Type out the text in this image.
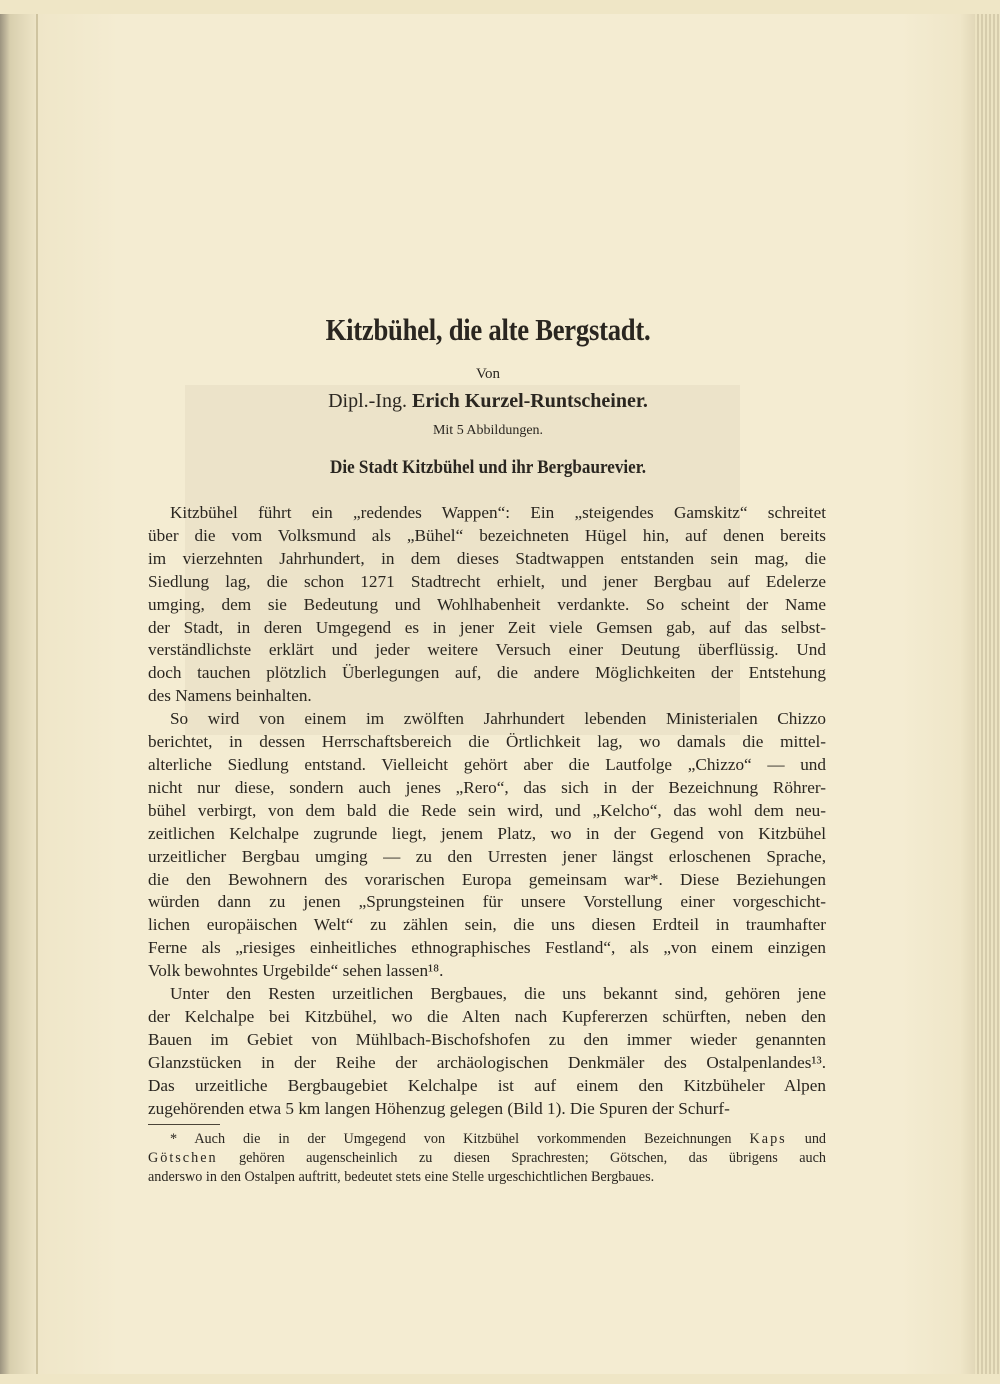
Kitzbühel, die alte Bergstadt.
Von
Dipl.-Ing. Erich Kurzel-Runtscheiner.
Mit 5 Abbildungen.
Die Stadt Kitzbühel und ihr Bergbaurevier.
Kitzbühel führt ein „redendes Wappen“: Ein „steigendes Gamskitz“ schreitet
über die vom Volksmund als „Bühel“ bezeichneten Hügel hin, auf denen bereits
im vierzehnten Jahrhundert, in dem dieses Stadtwappen entstanden sein mag, die
Siedlung lag, die schon 1271 Stadtrecht erhielt, und jener Bergbau auf Edelerze
umging, dem sie Bedeutung und Wohlhabenheit verdankte. So scheint der Name
der Stadt, in deren Umgegend es in jener Zeit viele Gemsen gab, auf das selbst-
verständlichste erklärt und jeder weitere Versuch einer Deutung überflüssig. Und
doch tauchen plötzlich Überlegungen auf, die andere Möglichkeiten der Entstehung
des Namens beinhalten.
So wird von einem im zwölften Jahrhundert lebenden Ministerialen Chizzo
berichtet, in dessen Herrschaftsbereich die Örtlichkeit lag, wo damals die mittel-
alterliche Siedlung entstand. Vielleicht gehört aber die Lautfolge „Chizzo“ — und
nicht nur diese, sondern auch jenes „Rero“, das sich in der Bezeichnung Röhrer-
bühel verbirgt, von dem bald die Rede sein wird, und „Kelcho“, das wohl dem neu-
zeitlichen Kelchalpe zugrunde liegt, jenem Platz, wo in der Gegend von Kitzbühel
urzeitlicher Bergbau umging — zu den Urresten jener längst erloschenen Sprache,
die den Bewohnern des vorarischen Europa gemeinsam war*. Diese Beziehungen
würden dann zu jenen „Sprungsteinen für unsere Vorstellung einer vorgeschicht-
lichen europäischen Welt“ zu zählen sein, die uns diesen Erdteil in traumhafter
Ferne als „riesiges einheitliches ethnographisches Festland“, als „von einem einzigen
Volk bewohntes Urgebilde“ sehen lassen¹⁸.
Unter den Resten urzeitlichen Bergbaues, die uns bekannt sind, gehören jene
der Kelchalpe bei Kitzbühel, wo die Alten nach Kupfererzen schürften, neben den
Bauen im Gebiet von Mühlbach-Bischofshofen zu den immer wieder genannten
Glanzstücken in der Reihe der archäologischen Denkmäler des Ostalpenlandes¹³.
Das urzeitliche Bergbaugebiet Kelchalpe ist auf einem den Kitzbüheler Alpen
zugehörenden etwa 5 km langen Höhenzug gelegen (Bild 1). Die Spuren der Schurf-
* Auch die in der Umgegend von Kitzbühel vorkommenden Bezeichnungen Kaps und
Götschen gehören augenscheinlich zu diesen Sprachresten; Götschen, das übrigens auch
anderswo in den Ostalpen auftritt, bedeutet stets eine Stelle urgeschichtlichen Bergbaues.
